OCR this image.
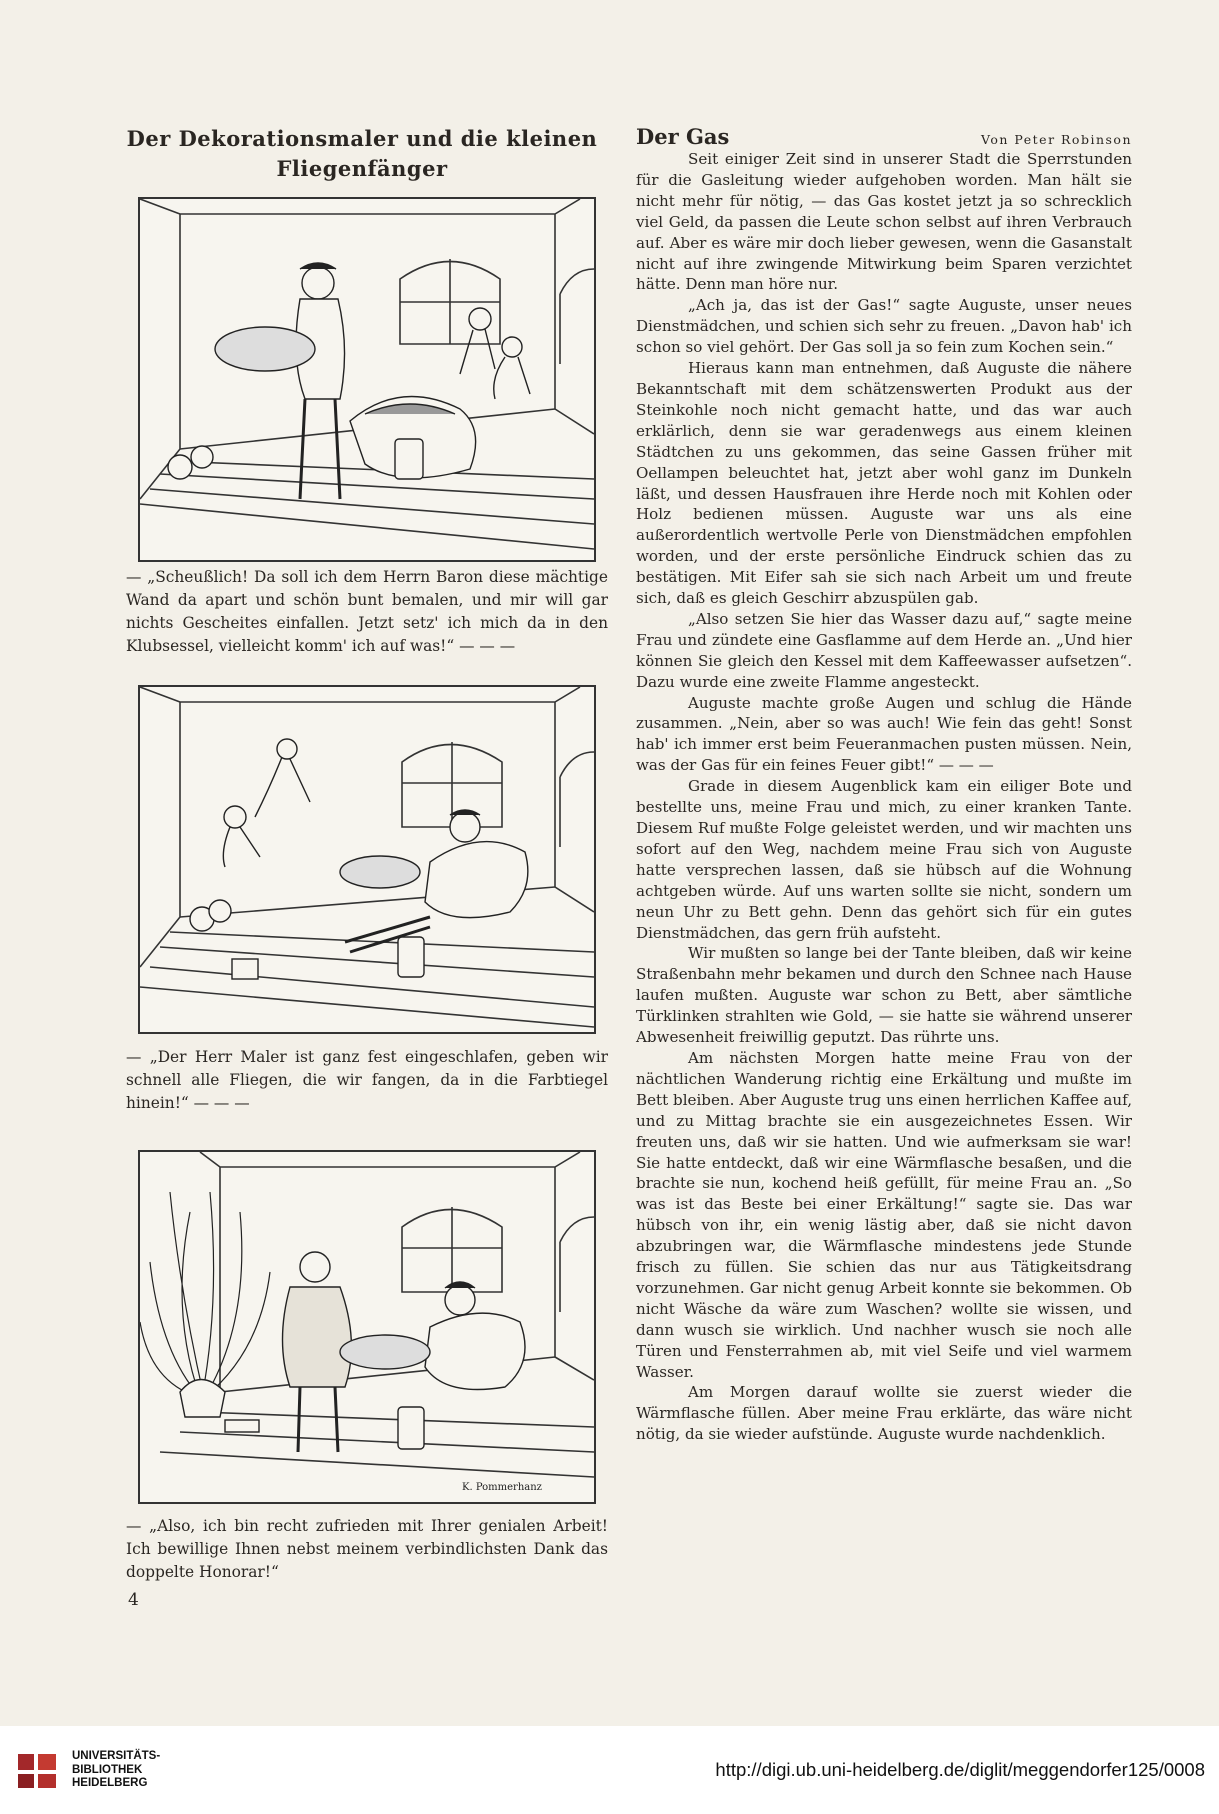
Der Dekorationsmaler und die kleinen
Fliegenfänger
— „Scheußlich! Da soll ich dem Herrn Baron diese mächtige Wand da apart und schön bunt bemalen, und mir will gar nichts Gescheites einfallen. Jetzt setz' ich mich da in den Klubsessel, vielleicht komm' ich auf was!“ — — —
— „Der Herr Maler ist ganz fest eingeschlafen, geben wir schnell alle Fliegen, die wir fangen, da in die Farbtiegel hinein!“ — — —
K. Pommerhanz
— „Also, ich bin recht zufrieden mit Ihrer genialen Arbeit! Ich bewillige Ihnen nebst meinem verbindlichsten Dank das doppelte Honorar!“
4
Der Gas	Von Peter Robinson

Seit einiger Zeit sind in unserer Stadt die Sperrstunden für die Gasleitung wieder aufgehoben worden. Man hält sie nicht mehr für nötig, — das Gas kostet jetzt ja so schrecklich viel Geld, da passen die Leute schon selbst auf ihren Verbrauch auf. Aber es wäre mir doch lieber gewesen, wenn die Gasanstalt nicht auf ihre zwingende Mitwirkung beim Sparen verzichtet hätte. Denn man höre nur.

„Ach ja, das ist der Gas!“ sagte Auguste, unser neues Dienstmädchen, und schien sich sehr zu freuen. „Davon hab' ich schon so viel gehört. Der Gas soll ja so fein zum Kochen sein.“

Hieraus kann man entnehmen, daß Auguste die nähere Bekanntschaft mit dem schätzenswerten Produkt aus der Steinkohle noch nicht gemacht hatte, und das war auch erklärlich, denn sie war geradenwegs aus einem kleinen Städtchen zu uns gekommen, das seine Gassen früher mit Oellampen beleuchtet hat, jetzt aber wohl ganz im Dunkeln läßt, und dessen Hausfrauen ihre Herde noch mit Kohlen oder Holz bedienen müssen. Auguste war uns als eine außerordentlich wertvolle Perle von Dienstmädchen empfohlen worden, und der erste persönliche Eindruck schien das zu bestätigen. Mit Eifer sah sie sich nach Arbeit um und freute sich, daß es gleich Geschirr abzuspülen gab.

„Also setzen Sie hier das Wasser dazu auf,“ sagte meine Frau und zündete eine Gasflamme auf dem Herde an. „Und hier können Sie gleich den Kessel mit dem Kaffeewasser aufsetzen“. Dazu wurde eine zweite Flamme angesteckt.

Auguste machte große Augen und schlug die Hände zusammen. „Nein, aber so was auch! Wie fein das geht! Sonst hab' ich immer erst beim Feueranmachen pusten müssen. Nein, was der Gas für ein feines Feuer gibt!“ — — —

Grade in diesem Augenblick kam ein eiliger Bote und bestellte uns, meine Frau und mich, zu einer kranken Tante. Diesem Ruf mußte Folge geleistet werden, und wir machten uns sofort auf den Weg, nachdem meine Frau sich von Auguste hatte versprechen lassen, daß sie hübsch auf die Wohnung achtgeben würde. Auf uns warten sollte sie nicht, sondern um neun Uhr zu Bett gehn. Denn das gehört sich für ein gutes Dienstmädchen, das gern früh aufsteht.

Wir mußten so lange bei der Tante bleiben, daß wir keine Straßenbahn mehr bekamen und durch den Schnee nach Hause laufen mußten. Auguste war schon zu Bett, aber sämtliche Türklinken strahlten wie Gold, — sie hatte sie während unserer Abwesenheit freiwillig geputzt. Das rührte uns.

Am nächsten Morgen hatte meine Frau von der nächtlichen Wanderung richtig eine Erkältung und mußte im Bett bleiben. Aber Auguste trug uns einen herrlichen Kaffee auf, und zu Mittag brachte sie ein ausgezeichnetes Essen. Wir freuten uns, daß wir sie hatten. Und wie aufmerksam sie war! Sie hatte entdeckt, daß wir eine Wärmflasche besaßen, und die brachte sie nun, kochend heiß gefüllt, für meine Frau an. „So was ist das Beste bei einer Erkältung!“ sagte sie. Das war hübsch von ihr, ein wenig lästig aber, daß sie nicht davon abzubringen war, die Wärmflasche mindestens jede Stunde frisch zu füllen. Sie schien das nur aus Tätigkeitsdrang vorzunehmen. Gar nicht genug Arbeit konnte sie bekommen. Ob nicht Wäsche da wäre zum Waschen? wollte sie wissen, und dann wusch sie wirklich. Und nachher wusch sie noch alle Türen und Fensterrahmen ab, mit viel Seife und viel warmem Wasser.

Am Morgen darauf wollte sie zuerst wieder die Wärmflasche füllen. Aber meine Frau erklärte, das wäre nicht nötig, da sie wieder aufstünde. Auguste wurde nachdenklich.

UNIVERSITÄTS-
BIBLIOTHEK
HEIDELBERG
http://digi.ub.uni-heidelberg.de/diglit/meggendorfer125/0008
